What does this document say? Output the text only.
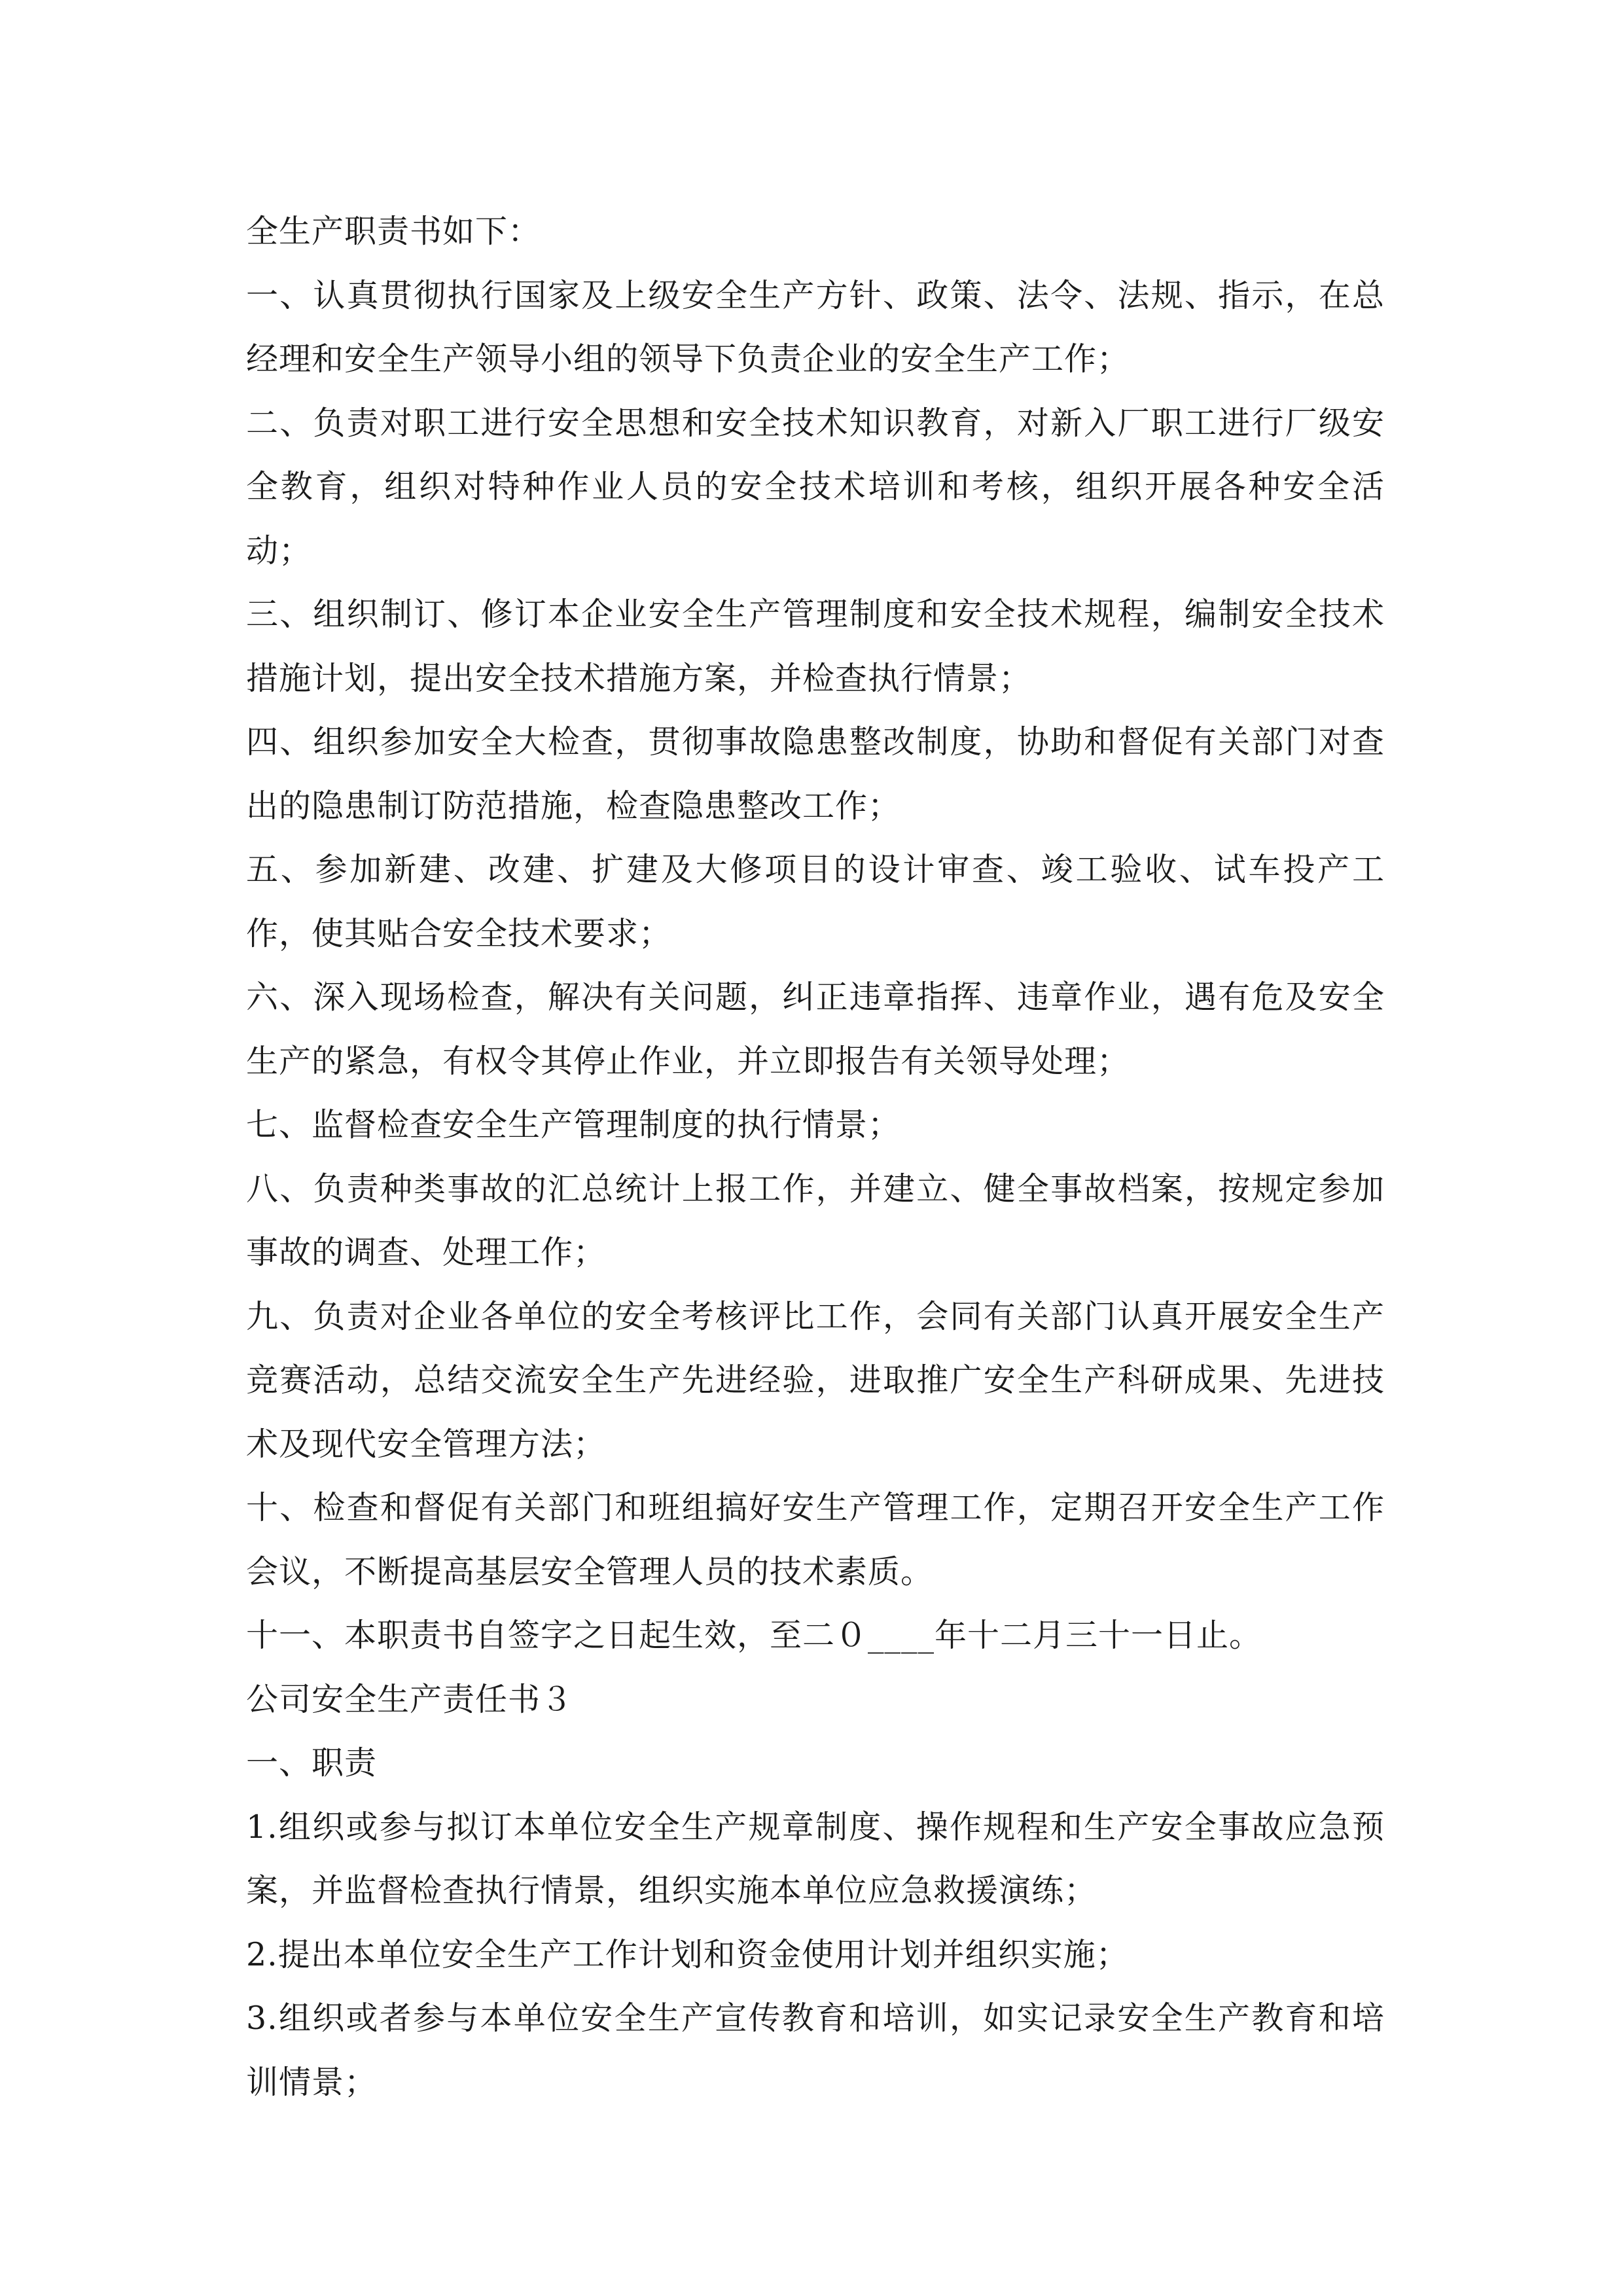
全生产职责书如下：

一、认真贯彻执行国家及上级安全生产方针、政策、法令、法规、指示，在总经理和安全生产领导小组的领导下负责企业的安全生产工作；

二、负责对职工进行安全思想和安全技术知识教育，对新入厂职工进行厂级安全教育，组织对特种作业人员的安全技术培训和考核，组织开展各种安全活动；

三、组织制订、修订本企业安全生产管理制度和安全技术规程，编制安全技术措施计划，提出安全技术措施方案，并检查执行情景；

四、组织参加安全大检查，贯彻事故隐患整改制度，协助和督促有关部门对查出的隐患制订防范措施，检查隐患整改工作；

五、参加新建、改建、扩建及大修项目的设计审查、竣工验收、试车投产工作，使其贴合安全技术要求；

六、深入现场检查，解决有关问题，纠正违章指挥、违章作业，遇有危及安全生产的紧急，有权令其停止作业，并立即报告有关领导处理；

七、监督检查安全生产管理制度的执行情景；

八、负责种类事故的汇总统计上报工作，并建立、健全事故档案，按规定参加事故的调查、处理工作；

九、负责对企业各单位的安全考核评比工作，会同有关部门认真开展安全生产竞赛活动，总结交流安全生产先进经验，进取推广安全生产科研成果、先进技术及现代安全管理方法；

十、检查和督促有关部门和班组搞好安生产管理工作，定期召开安全生产工作会议，不断提高基层安全管理人员的技术素质。

十一、本职责书自签字之日起生效，至二０____年十二月三十一日止。

公司安全生产责任书３

一、职责

1.组织或参与拟订本单位安全生产规章制度、操作规程和生产安全事故应急预案，并监督检查执行情景，组织实施本单位应急救援演练；

2.提出本单位安全生产工作计划和资金使用计划并组织实施；

3.组织或者参与本单位安全生产宣传教育和培训，如实记录安全生产教育和培训情景；
